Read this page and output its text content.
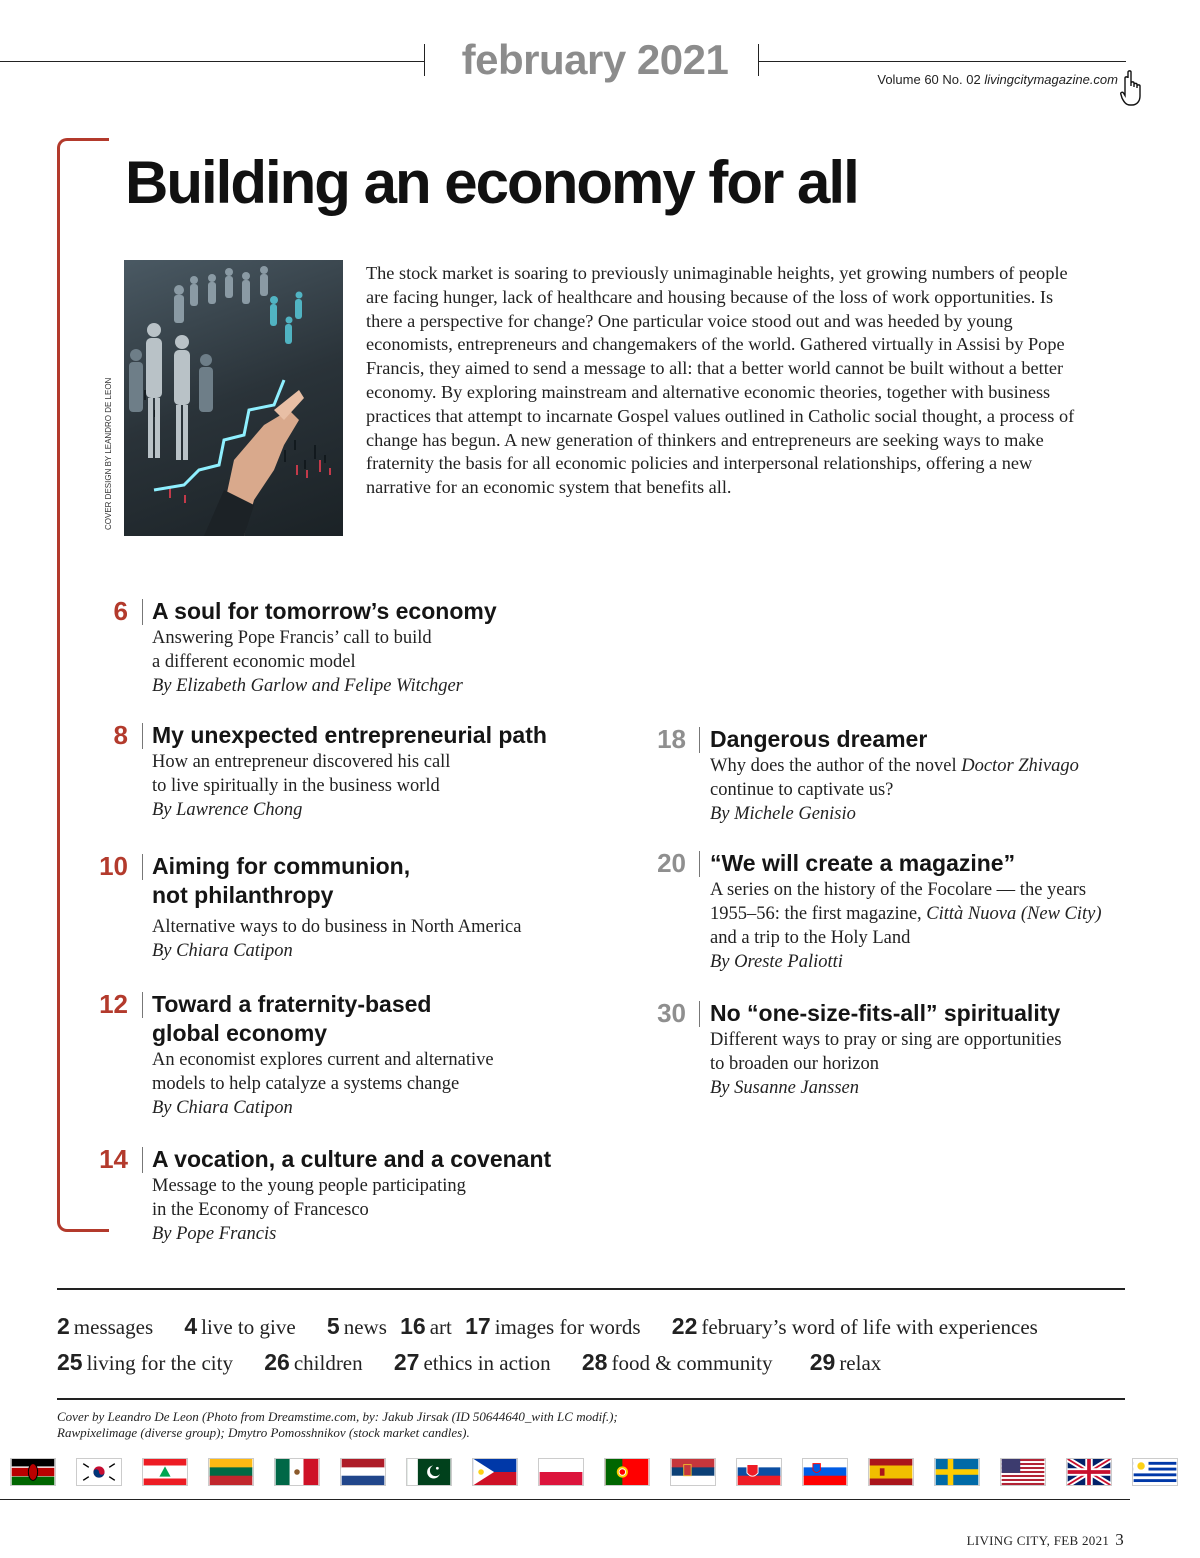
february 2021	Volume 60 No. 02 livingcitymagazine.com
Building an economy for all
COVER DESIGN BY LEANDRO DE LEON

The stock market is soaring to previously unimaginable heights, yet growing numbers of people are facing hunger, lack of healthcare and housing because of the loss of work opportunities. Is there a perspective for change? One particular voice stood out and was heeded by young economists, entrepreneurs and changemakers of the world. Gathered virtually in Assisi by Pope Francis, they aimed to send a message to all: that a better world cannot be built without a better economy. By exploring mainstream and alternative economic theories, together with business practices that attempt to incarnate Gospel values outlined in Catholic social thought, a process of change has begun. A new generation of thinkers and entrepreneurs are seeking ways to make fraternity the basis for all economic policies and interpersonal relationships, offering a new narrative for an economic system that benefits all.

6 A soul for tomorrow’s economy

Answering Pope Francis’ call to build

a different economic model

By Elizabeth Garlow and Felipe Witchger

8 My unexpected entrepreneurial path

How an entrepreneur discovered his call

to live spiritually in the business world

By Lawrence Chong

10 Aiming for communion,

not philanthropy

Alternative ways to do business in North America

By Chiara Catipon

12 Toward a fraternity-based

global economy

An economist explores current and alternative

models to help catalyze a systems change

By Chiara Catipon

14 A vocation, a culture and a covenant

Message to the young people participating

in the Economy of Francesco

By Pope Francis

18 Dangerous dreamer

Why does the author of the novel Doctor Zhivago

continue to captivate us?

By Michele Genisio

20 “We will create a magazine”

A series on the history of the Focolare — the years

1955–56: the first magazine, Città Nuova (New City)

and a trip to the Holy Land

By Oreste Paliotti

30 No “one-size-fits-all” spirituality

Different ways to pray or sing are opportunities

to broaden our horizon

By Susanne Janssen

2 messages 4 live to give 5 news 16 art 17 images for words 22 february’s word of life with experiences
25 living for the city 26 children 27 ethics in action 28 food & community 29 relax

Cover by Leandro De Leon (Photo from Dreamstime.com, by: Jakub Jirsak (ID 50644640_with LC modif.);

Rawpixelimage (diverse group); Dmytro Pomosshnikov (stock market candles).

LIVING CITY, FEB 2021 3
